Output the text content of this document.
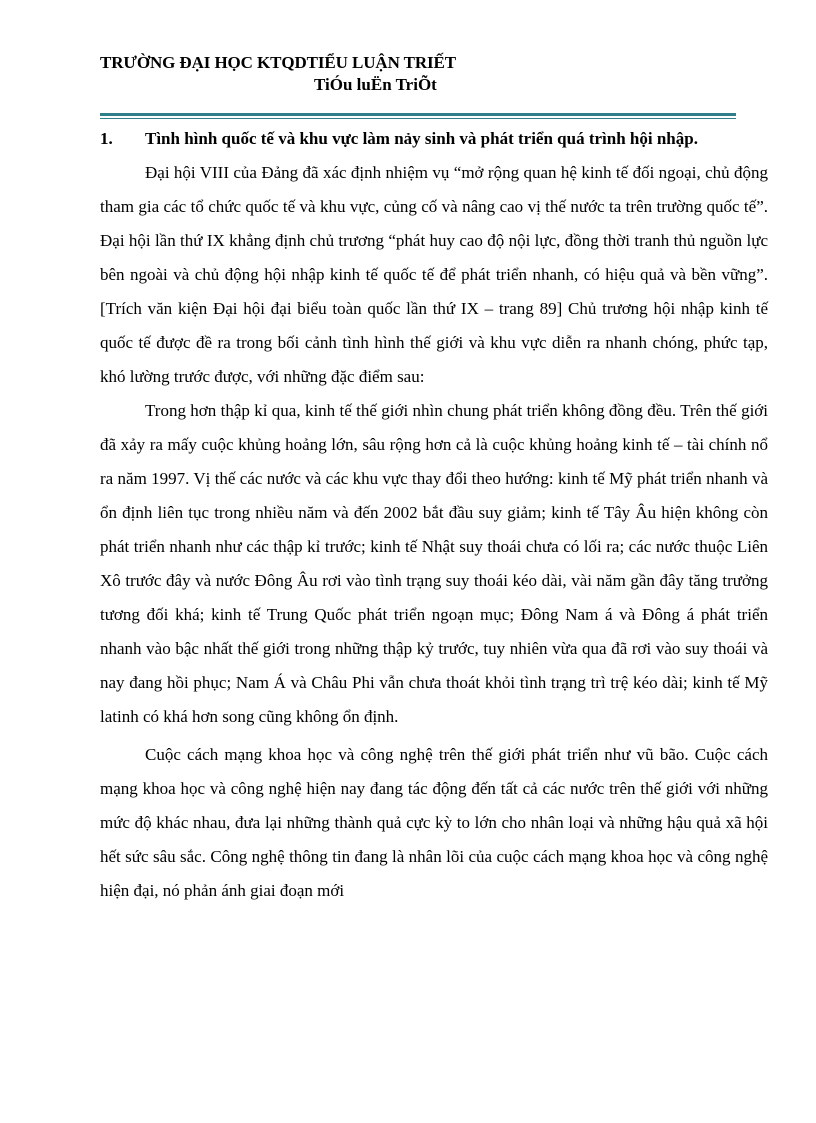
TRƯỜNG ĐẠI HỌC KTQDTIỂU LUẬN TRIẾT
TiÓu luËn TriÕt
1.	Tình hình quốc tế và khu vực làm nảy sinh và phát triển quá trình hội nhập.

Đại hội VIII của Đảng đã xác định nhiệm vụ “mở rộng quan hệ kinh tế đối ngoại, chủ động tham gia các tổ chức quốc tế và khu vực, củng cố và nâng cao vị thế nước ta trên trường quốc tế”. Đại hội lần thứ IX khẳng định chủ trương “phát huy cao độ nội lực, đồng thời tranh thủ nguồn lực bên ngoài và chủ động hội nhập kinh tế quốc tế để phát triển nhanh, có hiệu quả và bền vững”. [Trích văn kiện Đại hội đại biểu toàn quốc lần thứ IX – trang 89] Chủ trương hội nhập kinh tế quốc tế được đề ra trong bối cảnh tình hình thế giới và khu vực diễn ra nhanh chóng, phức tạp, khó lường trước được, với những đặc điểm sau:

Trong hơn thập kỉ qua, kinh tế thế giới nhìn chung phát triển không đồng đều. Trên thế giới đã xảy ra mấy cuộc khủng hoảng lớn, sâu rộng hơn cả là cuộc khủng hoảng kinh tế – tài chính nổ ra năm 1997. Vị thế các nước và các khu vực thay đổi theo hướng: kinh tế Mỹ phát triển nhanh và ổn định liên tục trong nhiều năm và đến 2002 bắt đầu suy giảm; kinh tế Tây Âu hiện không còn phát triển nhanh như các thập kỉ trước; kinh tế Nhật suy thoái chưa có lối ra; các nước thuộc Liên Xô trước đây và nước Đông Âu rơi vào tình trạng suy thoái kéo dài, vài năm gần đây tăng trưởng tương đối khá; kinh tế Trung Quốc phát triển ngoạn mục; Đông Nam á và Đông á phát triển nhanh vào bậc nhất thế giới trong những thập kỷ trước, tuy nhiên vừa qua đã rơi vào suy thoái và nay đang hồi phục; Nam Á và Châu Phi vẫn chưa thoát khỏi tình trạng trì trệ kéo dài; kinh tế Mỹ latinh có khá hơn song cũng không ổn định.

Cuộc cách mạng khoa học và công nghệ trên thế giới phát triển như vũ bão. Cuộc cách mạng khoa học và công nghệ hiện nay đang tác động đến tất cả các nước trên thế giới với những mức độ khác nhau, đưa lại những thành quả cực kỳ to lớn cho nhân loại và những hậu quả xã hội hết sức sâu sắc. Công nghệ thông tin đang là nhân lõi của cuộc cách mạng khoa học và công nghệ hiện đại, nó phản ánh giai đoạn mới
